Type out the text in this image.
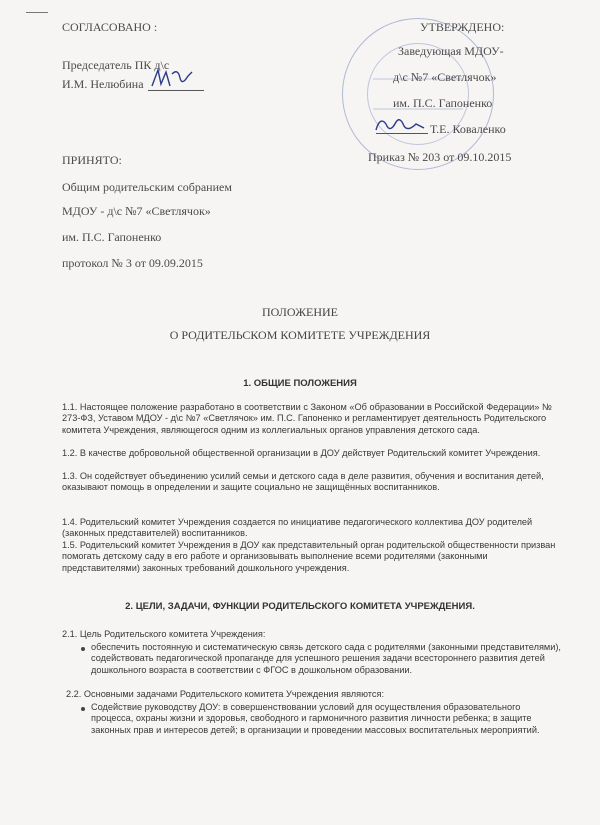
СОГЛАСОВАНО :
Председатель ПК д\с
И.М. Нелюбина
ПРИНЯТО:
Общим родительским собранием
МДОУ - д\с №7 «Светлячок»
им. П.С. Гапоненко
протокол № 3 от 09.09.2015
УТВЕРЖДЕНО:
Заведующая МДОУ-
д\с №7 «Светлячок»
им. П.С. Гапоненко
Т.Е. Коваленко
Приказ № 203 от 09.10.2015
ПОЛОЖЕНИЕ
О РОДИТЕЛЬСКОМ КОМИТЕТЕ УЧРЕЖДЕНИЯ
1. ОБЩИЕ ПОЛОЖЕНИЯ
1.1. Настоящее положение разработано в соответствии с Законом «Об образовании в Российской Федерации» № 273-ФЗ, Уставом МДОУ - д\с №7 «Светлячок» им. П.С. Гапоненко и регламентирует деятельность Родительского комитета Учреждения, являющегося одним из коллегиальных органов управления детского сада.
1.2. В качестве добровольной общественной организации в ДОУ действует Родительский комитет Учреждения.
1.3. Он содействует объединению усилий семьи и детского сада в деле развития, обучения и воспитания детей, оказывают помощь в определении и защите социально не защищённых воспитанников.
1.4. Родительский комитет Учреждения создается по инициативе педагогического коллектива ДОУ родителей (законных представителей) воспитанников.
1.5. Родительский комитет Учреждения в ДОУ как представительный орган родительской общественности призван помогать детскому саду в его работе и организовывать выполнение всеми родителями (законными представителями) законных требований дошкольного учреждения.
2. ЦЕЛИ, ЗАДАЧИ, ФУНКЦИИ РОДИТЕЛЬСКОГО КОМИТЕТА УЧРЕЖДЕНИЯ.
2.1. Цель Родительского комитета Учреждения:
обеспечить постоянную и систематическую связь детского сада с родителями (законными представителями), содействовать педагогической пропаганде для успешного решения задачи всестороннего развития детей дошкольного возраста в соответствии с ФГОС в дошкольном образовании.
2.2. Основными задачами Родительского комитета Учреждения являются:
Содействие руководству ДОУ: в совершенствовании условий для осуществления образовательного процесса, охраны жизни и здоровья, свободного и гармоничного развития личности ребенка; в защите законных прав и интересов детей; в организации и проведении массовых воспитательных мероприятий.
